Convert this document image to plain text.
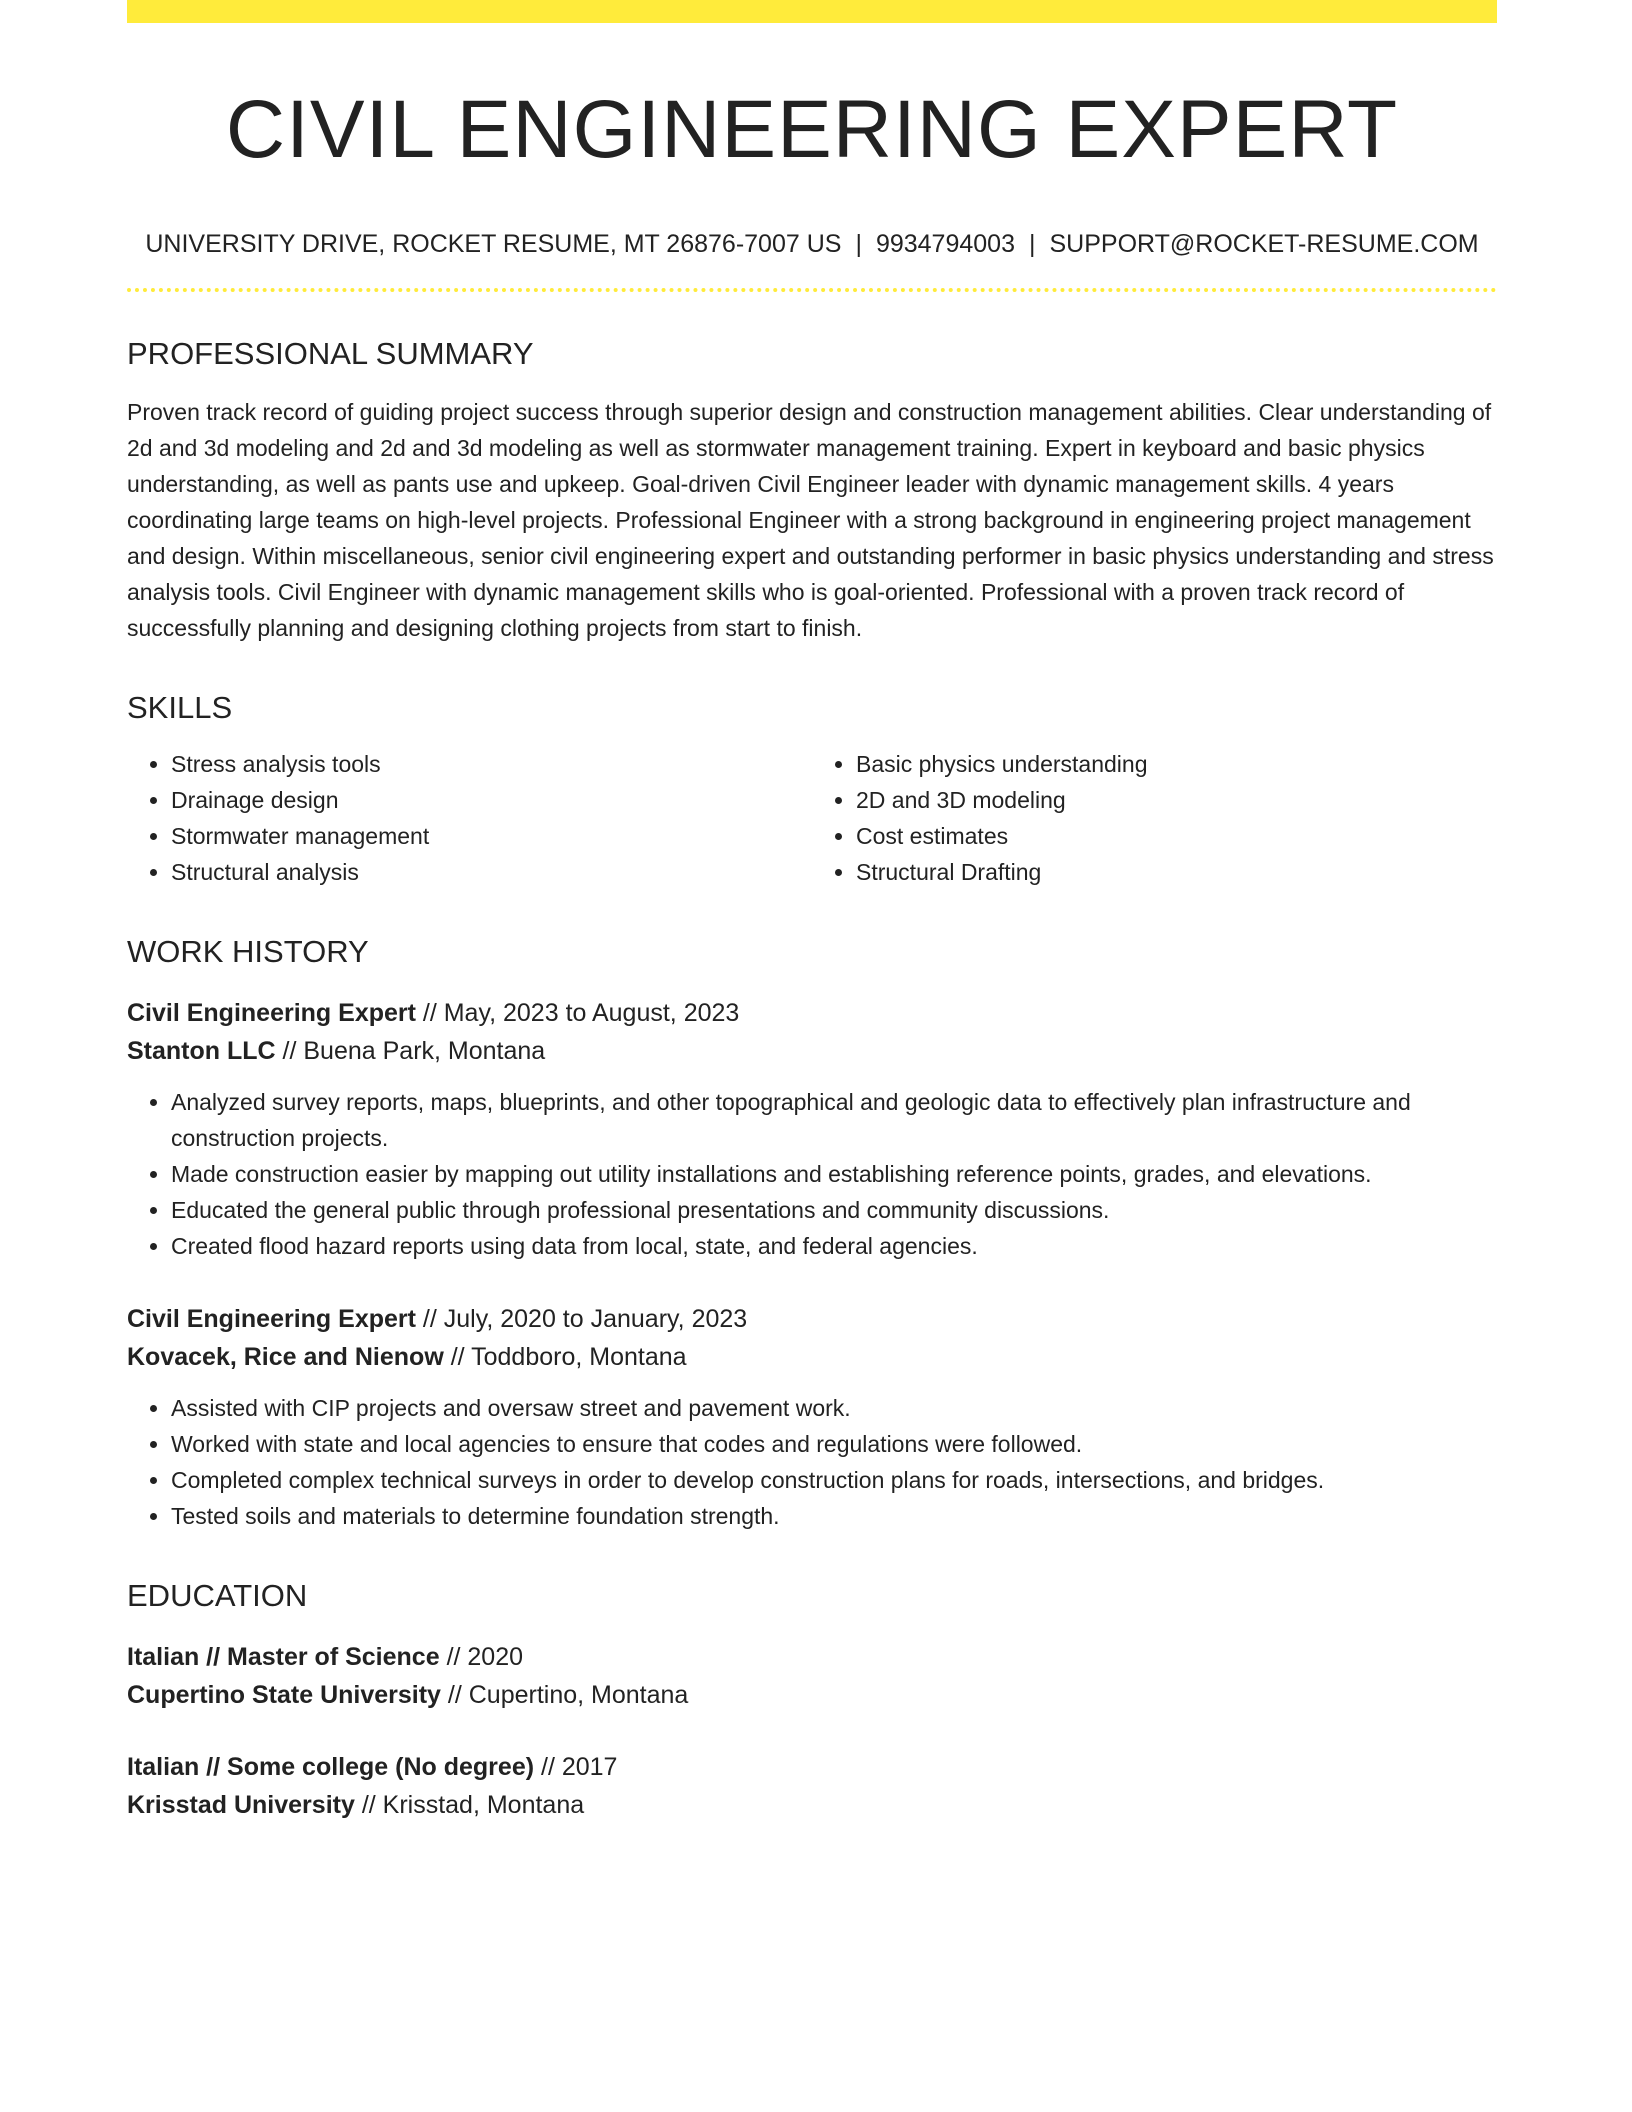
CIVIL ENGINEERING EXPERT
UNIVERSITY DRIVE, ROCKET RESUME, MT 26876-7007 US | 9934794003 | SUPPORT@ROCKET-RESUME.COM
PROFESSIONAL SUMMARY

Proven track record of guiding project success through superior design and construction management abilities. Clear understanding of 2d and 3d modeling and 2d and 3d modeling as well as stormwater management training. Expert in keyboard and basic physics understanding, as well as pants use and upkeep. Goal-driven Civil Engineer leader with dynamic management skills. 4 years coordinating large teams on high-level projects. Professional Engineer with a strong background in engineering project management and design. Within miscellaneous, senior civil engineering expert and outstanding performer in basic physics understanding and stress analysis tools. Civil Engineer with dynamic management skills who is goal-oriented. Professional with a proven track record of successfully planning and designing clothing projects from start to finish.

SKILLS
• Stress analysis tools
• Drainage design
• Stormwater management
• Structural analysis
• Basic physics understanding
• 2D and 3D modeling
• Cost estimates
• Structural Drafting
WORK HISTORY
Civil Engineering Expert // May, 2023 to August, 2023
Stanton LLC // Buena Park, Montana
• Analyzed survey reports, maps, blueprints, and other topographical and geologic data to effectively plan infrastructure and construction projects.
• Made construction easier by mapping out utility installations and establishing reference points, grades, and elevations.
• Educated the general public through professional presentations and community discussions.
• Created flood hazard reports using data from local, state, and federal agencies.
Civil Engineering Expert // July, 2020 to January, 2023
Kovacek, Rice and Nienow // Toddboro, Montana
• Assisted with CIP projects and oversaw street and pavement work.
• Worked with state and local agencies to ensure that codes and regulations were followed.
• Completed complex technical surveys in order to develop construction plans for roads, intersections, and bridges.
• Tested soils and materials to determine foundation strength.
EDUCATION
Italian // Master of Science // 2020
Cupertino State University // Cupertino, Montana
Italian // Some college (No degree) // 2017
Krisstad University // Krisstad, Montana
